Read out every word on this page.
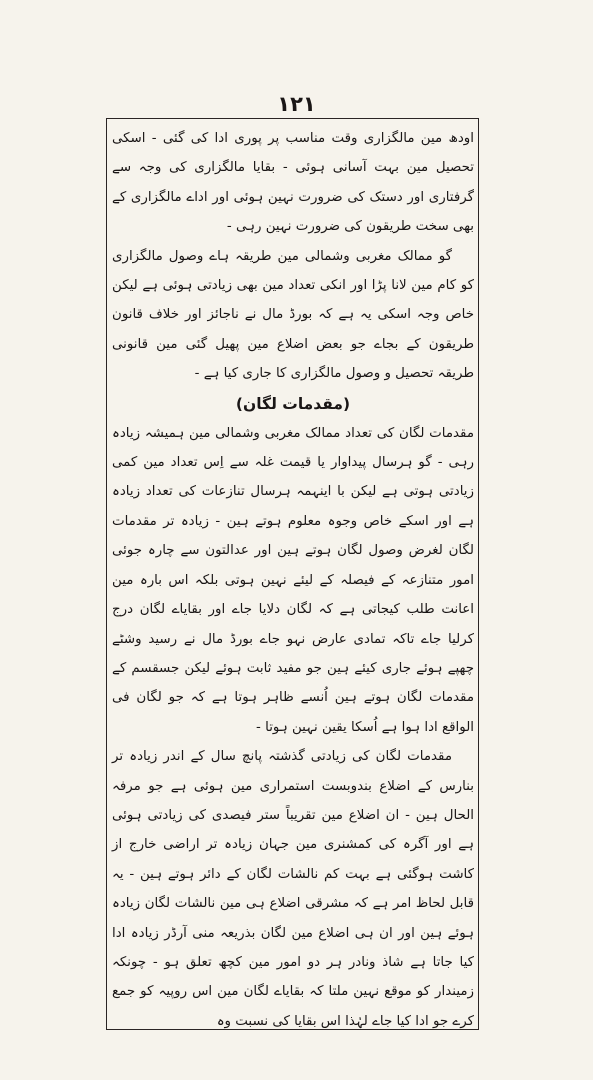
۱۲۱

اودھ مین مالگزاری وقت مناسب پر پوری ادا کی گئی - اسکی تحصیل مین بہت آسانی ہوئی - بقایا مالگزاری کی وجہ سے گرفتاری اور دستک کی ضرورت نہین ہوئی اور اداے مالگزاری کے بھی سخت طریقون کی ضرورت نہین رہی -

گو ممالک مغربی وشمالی مین طریقہ ہاے وصول مالگزاری کو کام مین لانا پڑا اور انکی تعداد مین بھی زیادتی ہوئی ہے لیکن خاص وجہ اسکی یہ ہے کہ بورڈ مال نے ناجائز اور خلاف قانون طریقون کے بجاے جو بعض اضلاع مین پھیل گئی مین قانونی طریقہ تحصیل و وصول مالگزاری کا جاری کیا ہے -

(مقدمات لگان)

مقدمات لگان کی تعداد ممالک مغربی وشمالی مین ہمیشہ زیادہ رہی - گو ہرسال پیداوار یا قیمت غلہ سے اِس تعداد مین کمی زیادتی ہوتی ہے لیکن با اینہمہ ہرسال تنازعات کی تعداد زیادہ ہے اور اسکے خاص وجوہ معلوم ہوتے ہین - زیادہ تر مقدمات لگان لغرض وصول لگان ہوتے ہین اور عدالتون سے چارہ جوئی امور متنازعہ کے فیصلہ کے لیئے نہین ہوتی بلکہ اس بارہ مین اعانت طلب کیجاتی ہے کہ لگان دلایا جاے اور بقایاے لگان درج کرلیا جاے تاکہ تمادی عارض نہو جاے بورڈ مال نے رسید وشٹے چھپے ہوئے جاری کیئے ہین جو مفید ثابت ہوئے لیکن جسقسم کے مقدمات لگان ہوتے ہین اُنسے ظاہر ہوتا ہے کہ جو لگان فی الواقع ادا ہوا ہے اُسکا یقین نہین ہوتا -

مقدمات لگان کی زیادتی گذشتہ پانچ سال کے اندر زیادہ تر بنارس کے اضلاع بندوبست استمراری مین ہوئی ہے جو مرفہ الحال ہین - ان اضلاع مین تقریباً ستر فیصدی کی زیادتی ہوئی ہے اور آگرہ کی کمشنری مین جہان زیادہ تر اراضی خارج از کاشت ہوگئی ہے بہت کم نالشات لگان کے دائر ہوتے ہین - یہ قابل لحاظ امر ہے کہ مشرقی اضلاع ہی مین نالشات لگان زیادہ ہوئے ہین اور ان ہی اضلاع مین لگان بذریعہ منی آرڈر زیادہ ادا کیا جاتا ہے شاذ ونادر ہر دو امور مین کچھ تعلق ہو - چونکہ زمیندار کو موقع نہین ملتا کہ بقایاے لگان مین اس روپیہ کو جمع کرے جو ادا کیا جاے لہٰذا اس بقایا کی نسبت وہ
